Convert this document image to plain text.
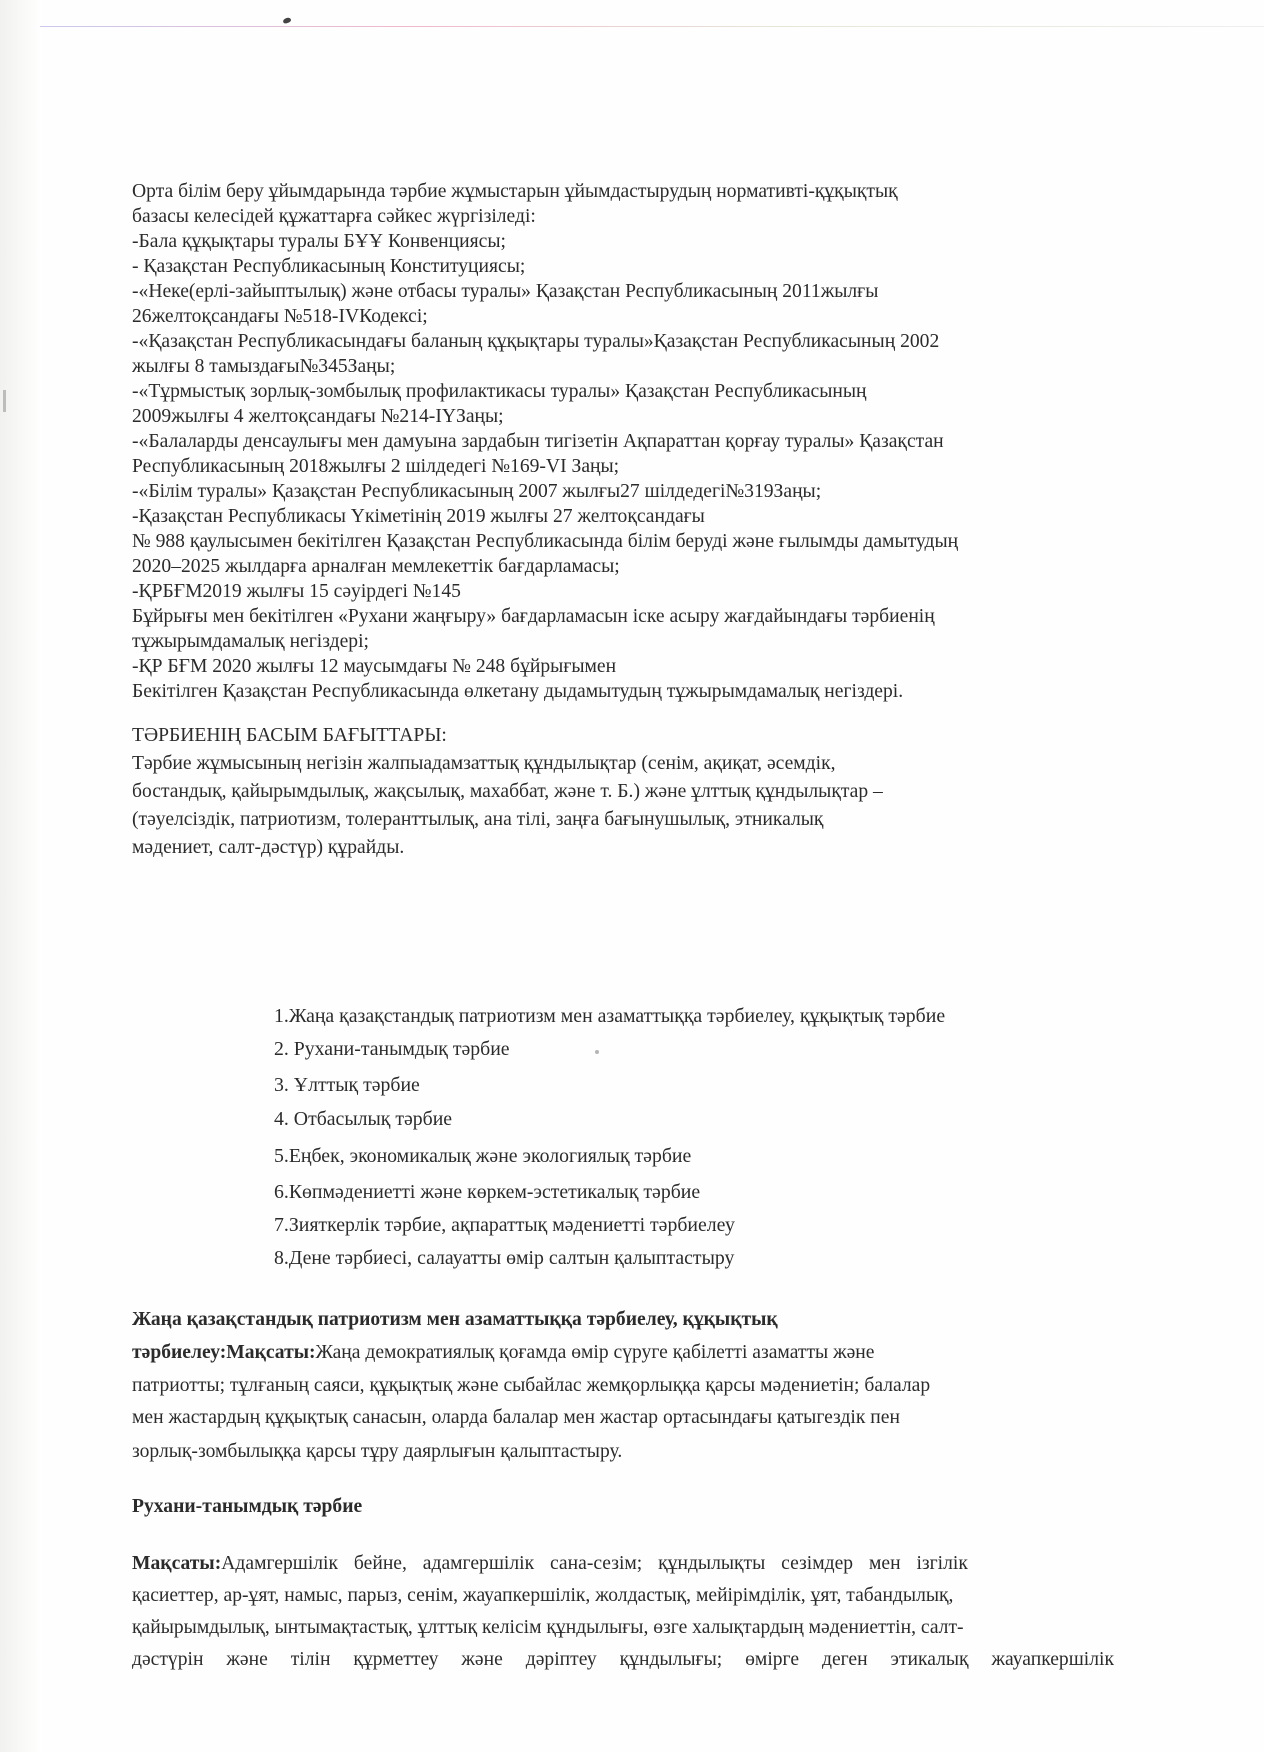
Орта білім беру ұйымдарында тәрбие жұмыстарын ұйымдастырудың нормативті-құқықтық
базасы келесідей құжаттарға сәйкес жүргізіледі:
-Бала құқықтары туралы БҰҰ Конвенциясы;
- Қазақстан Республикасының Конституциясы;
-«Неке(ерлі-зайыптылық) және отбасы туралы» Қазақстан Республикасының 2011жылғы
26желтоқсандағы №518-IVКодексі;
-«Қазақстан Республикасындағы баланың құқықтары туралы»Қазақстан Республикасының 2002
жылғы 8 тамыздағы№345Заңы;
-«Тұрмыстық зорлық-зомбылық профилактикасы туралы» Қазақстан Республикасының
2009жылғы 4 желтоқсандағы №214-IYЗаңы;
-«Балаларды денсаулығы мен дамуына зардабын тигізетін Ақпараттан қорғау туралы» Қазақстан
Республикасының 2018жылғы 2 шілдедегі №169-VI Заңы;
-«Білім туралы» Қазақстан Республикасының 2007 жылғы27 шілдедегі№319Заңы;
-Қазақстан Республикасы Үкіметінің 2019 жылғы 27 желтоқсандағы
№ 988 қаулысымен бекітілген Қазақстан Республикасында білім беруді және ғылымды дамытудың
2020–2025 жылдарға арналған мемлекеттік бағдарламасы;
-ҚРБҒМ2019 жылғы 15 сәуірдегі №145
Бұйрығы мен бекітілген «Рухани жаңғыру» бағдарламасын іске асыру жағдайындағы тәрбиенің
тұжырымдамалық негіздері;
-ҚР БҒМ 2020 жылғы 12 маусымдағы № 248 бұйрығымен
Бекітілген Қазақстан Республикасында өлкетану дыдамытудың тұжырымдамалық негіздері.
ТӘРБИЕНІҢ БАСЫМ БАҒЫТТАРЫ:
Тәрбие жұмысының негізін жалпыадамзаттық құндылықтар (сенім, ақиқат, әсемдік,
бостандық, қайырымдылық, жақсылық, махаббат, және т. Б.) және ұлттық құндылықтар –
(тәуелсіздік, патриотизм, толеранттылық, ана тілі, заңға бағынушылық, этникалық
мәдениет, салт-дәстүр) құрайды.
1.Жаңа қазақстандық патриотизм мен азаматтыққа тәрбиелеу, құқықтық тәрбие
2. Рухани-танымдық тәрбие
3. Ұлттық тәрбие
4. Отбасылық тәрбие
5.Еңбек, экономикалық және экологиялық тәрбие
6.Көпмәдениетті және көркем-эстетикалық тәрбие
7.Зияткерлік тәрбие, ақпараттық мәдениетті тәрбиелеу
8.Дене тәрбиесі, салауатты өмір салтын қалыптастыру
Жаңа қазақстандық патриотизм мен азаматтыққа тәрбиелеу, құқықтық
тәрбиелеу:Мақсаты:Жаңа демократиялық қоғамда өмір сүруге қабілетті азаматты және
патриотты; тұлғаның саяси, құқықтық және сыбайлас жемқорлыққа қарсы мәдениетін; балалар
мен жастардың құқықтық санасын, оларда балалар мен жастар ортасындағы қатыгездік пен
зорлық-зомбылыққа қарсы тұру даярлығын қалыптастыру.
Рухани-танымдық тәрбие
Мақсаты:Адамгершілік бейне, адамгершілік сана-сезім; құндылықты сезімдер мен ізгілік
қасиеттер, ар-ұят, намыс, парыз, сенім, жауапкершілік, жолдастық, мейірімділік, ұят, табандылық,
қайырымдылық, ынтымақтастық, ұлттық келісім құндылығы, өзге халықтардың мәдениеттін, салт-
дәстүрін және тілін құрметтеу және дәріптеу құндылығы; өмірге деген этикалық жауапкершілік
